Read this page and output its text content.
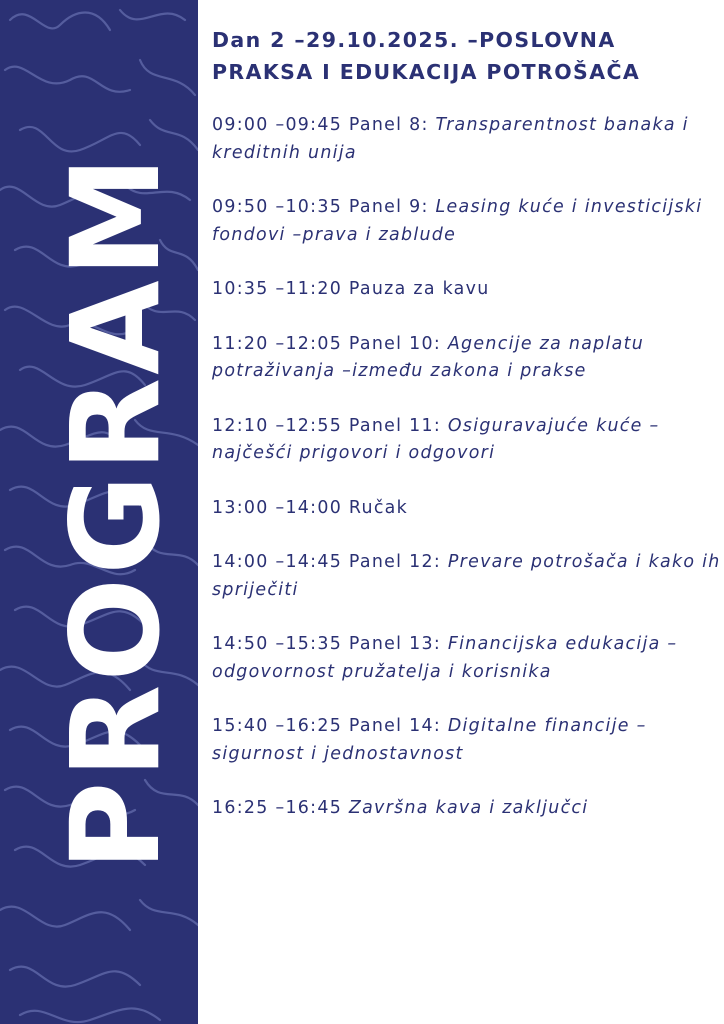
PROGRAM
Dan 2 –29.10.2025. –POSLOVNA
PRAKSA I EDUKACIJA POTROŠAČA
09:00 –09:45 Panel 8: Transparentnost banaka i kreditnih unija
09:50 –10:35 Panel 9: Leasing kuće i investicijski fondovi –prava i zablude
10:35 –11:20 Pauza za kavu
11:20 –12:05 Panel 10: Agencije za naplatu potraživanja –između zakona i prakse
12:10 –12:55 Panel 11: Osiguravajuće kuće –najčešći prigovori i odgovori
13:00 –14:00 Ručak
14:00 –14:45 Panel 12: Prevare potrošača i kako ih spriječiti
14:50 –15:35 Panel 13: Financijska edukacija –odgovornost pružatelja i korisnika
15:40 –16:25 Panel 14: Digitalne financije –sigurnost i jednostavnost
16:25 –16:45 Završna kava i zaključci
